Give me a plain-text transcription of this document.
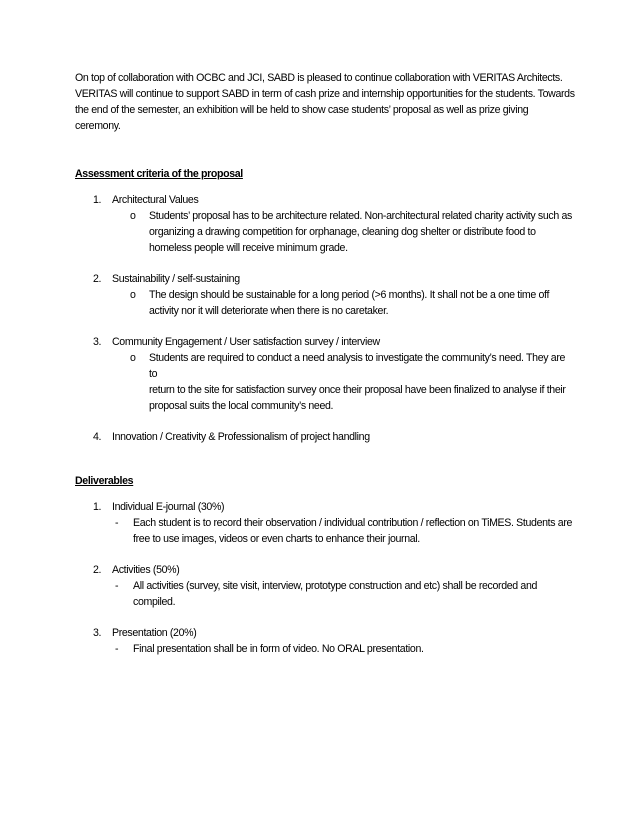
On top of collaboration with OCBC and JCI, SABD is pleased to continue collaboration with VERITAS Architects.

VERITAS will continue to support SABD in term of cash prize and internship opportunities for the students. Towards

the end of the semester, an exhibition will be held to show case students’ proposal as well as prize giving ceremony.

Assessment criteria of the proposal

1. Architectural Values
o Students’ proposal has to be architecture related. Non-architectural related charity activity such as
organizing a drawing competition for orphanage, cleaning dog shelter or distribute food to
homeless people will receive minimum grade.
2. Sustainability / self-sustaining
o The design should be sustainable for a long period (>6 months). It shall not be a one time off
activity nor it will deteriorate when there is no caretaker.
3. Community Engagement / User satisfaction survey / interview
o Students are required to conduct a need analysis to investigate the community’s need. They are to
return to the site for satisfaction survey once their proposal have been finalized to analyse if their
proposal suits the local community’s need.
4. Innovation / Creativity & Professionalism of project handling

Deliverables

1. Individual E-journal (30%)
- Each student is to record their observation / individual contribution / reflection on TiMES. Students are
free to use images, videos or even charts to enhance their journal.
2. Activities (50%)
- All activities (survey, site visit, interview, prototype construction and etc) shall be recorded and
compiled.
3. Presentation (20%)
- Final presentation shall be in form of video. No ORAL presentation.
